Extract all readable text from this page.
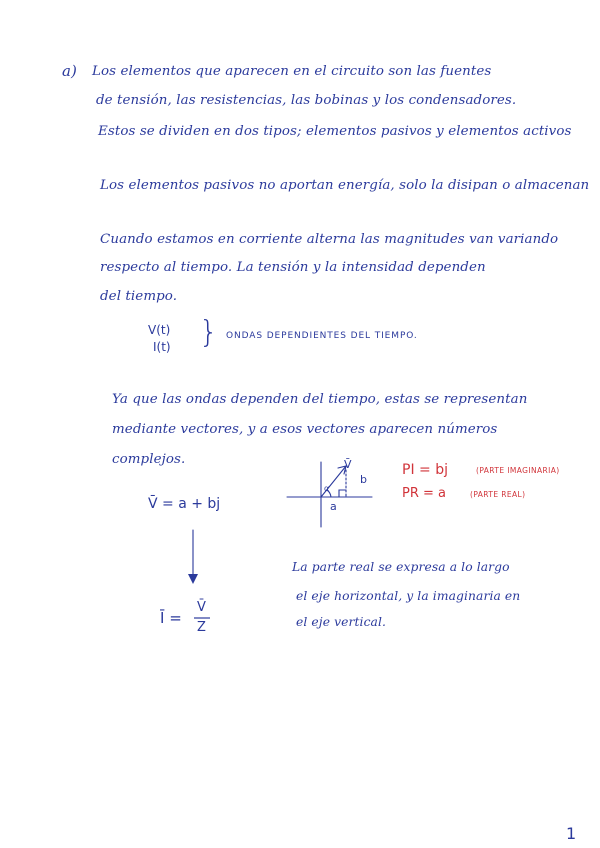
a) Los elementos que aparecen en el circuito son las fuentes
de tensión, las resistencias, las bobinas y los condensadores.
Estos se dividen en dos tipos; elementos pasivos y elementos activos
Los elementos pasivos no aportan energía, solo la disipan o almacenan
Cuando estamos en corriente alterna las magnitudes van variando
respecto al tiempo. La tensión y la intensidad dependen
del tiempo.
V(t)
I(t) } ONDAS DEPENDIENTES DEL TIEMPO.
Ya que las ondas dependen del tiempo, estas se representan
mediante vectores, y a esos vectores aparecen números
complejos.
V̄ = a + bj
V̄
b
a
α
PI = bj	(PARTE IMAGINARIA)
PR = a	(PARTE REAL)
Ī =
V̄
Z
La parte real se expresa a lo largo
el eje horizontal, y la imaginaria en
el eje vertical.
1
